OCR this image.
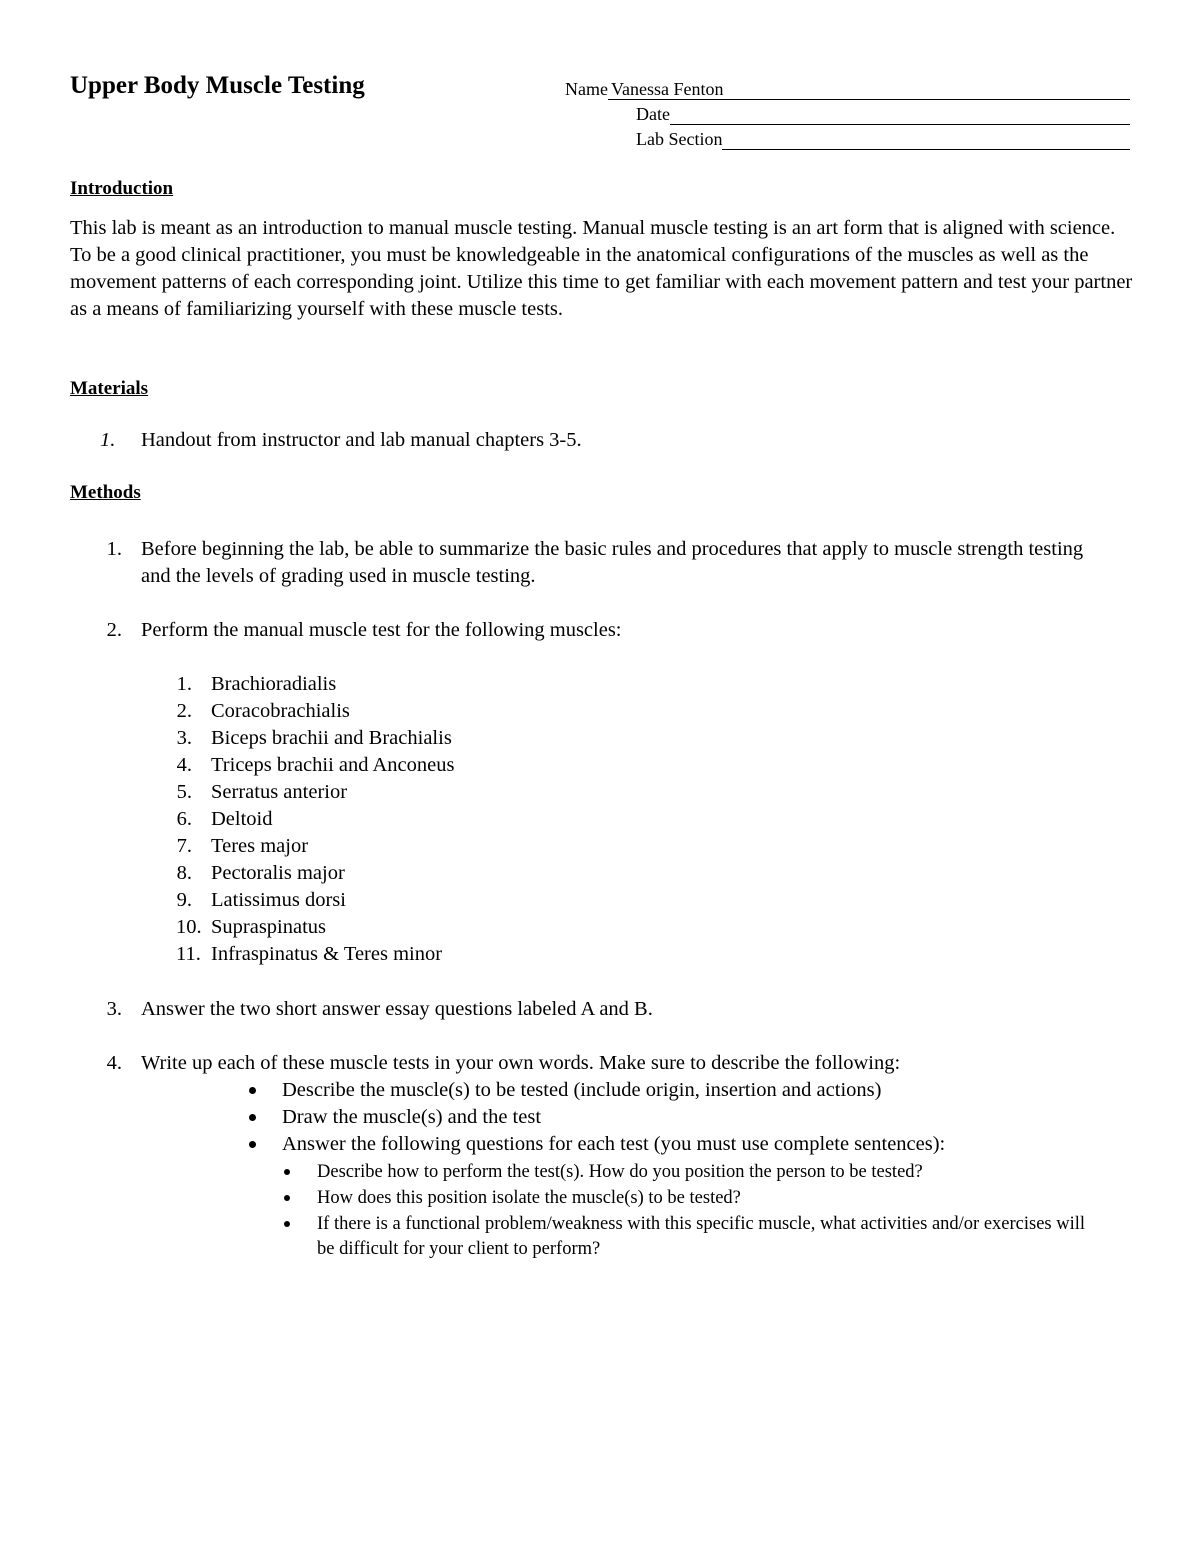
Upper Body Muscle Testing	Name Vanessa Fenton
Date
Lab Section
Introduction

This lab is meant as an introduction to manual muscle testing. Manual muscle testing is an art form that is aligned with science. To be a good clinical practitioner, you must be knowledgeable in the anatomical configurations of the muscles as well as the movement patterns of each corresponding joint. Utilize this time to get familiar with each movement pattern and test your partner as a means of familiarizing yourself with these muscle tests.

Materials
1.	Handout from instructor and lab manual chapters 3-5.
Methods
1. Before beginning the lab, be able to summarize the basic rules and procedures that apply to muscle strength testing and the levels of grading used in muscle testing.
2. Perform the manual muscle test for the following muscles:
1. Brachioradialis
2. Coracobrachialis
3. Biceps brachii and Brachialis
4. Triceps brachii and Anconeus
5. Serratus anterior
6. Deltoid
7. Teres major
8. Pectoralis major
9. Latissimus dorsi
10. Supraspinatus
11. Infraspinatus & Teres minor
3. Answer the two short answer essay questions labeled A and B.
4. Write up each of these muscle tests in your own words. Make sure to describe the following:
Describe the muscle(s) to be tested (include origin, insertion and actions)
Draw the muscle(s) and the test
Answer the following questions for each test (you must use complete sentences):
Describe how to perform the test(s). How do you position the person to be tested?
How does this position isolate the muscle(s) to be tested?
If there is a functional problem/weakness with this specific muscle, what activities and/or exercises will be difficult for your client to perform?
